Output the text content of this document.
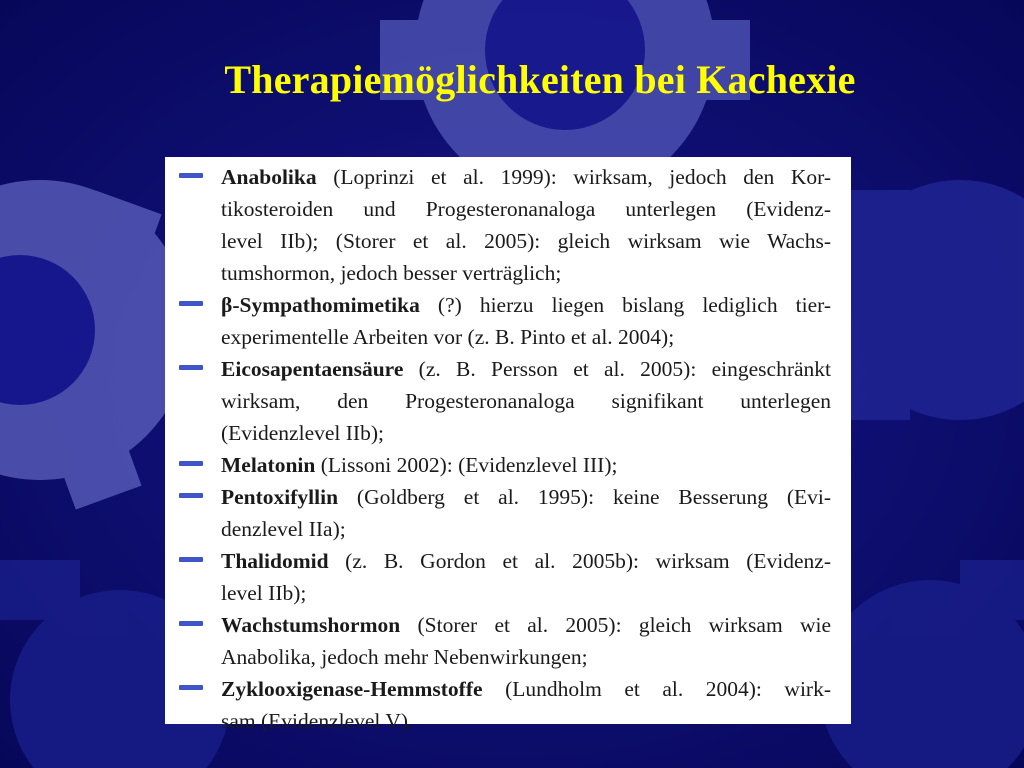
Therapiemöglichkeiten bei Kachexie
Anabolika (Loprinzi et al. 1999): wirksam, jedoch den Kor-
tikosteroiden und Progesteronanaloga unterlegen (Evidenz-
level IIb); (Storer et al. 2005): gleich wirksam wie Wachs-
tumshormon, jedoch besser verträglich;
β-Sympathomimetika (?) hierzu liegen bislang lediglich tier-
experimentelle Arbeiten vor (z. B. Pinto et al. 2004);
Eicosapentaensäure (z. B. Persson et al. 2005): eingeschränkt
wirksam, den Progesteronanaloga signifikant unterlegen
(Evidenzlevel IIb);
Melatonin (Lissoni 2002): (Evidenzlevel III);
Pentoxifyllin (Goldberg et al. 1995): keine Besserung (Evi-
denzlevel IIa);
Thalidomid (z. B. Gordon et al. 2005b): wirksam (Evidenz-
level IIb);
Wachstumshormon (Storer et al. 2005): gleich wirksam wie
Anabolika, jedoch mehr Nebenwirkungen;
Zyklooxigenase-Hemmstoffe (Lundholm et al. 2004): wirk-
sam (Evidenzlevel V).
